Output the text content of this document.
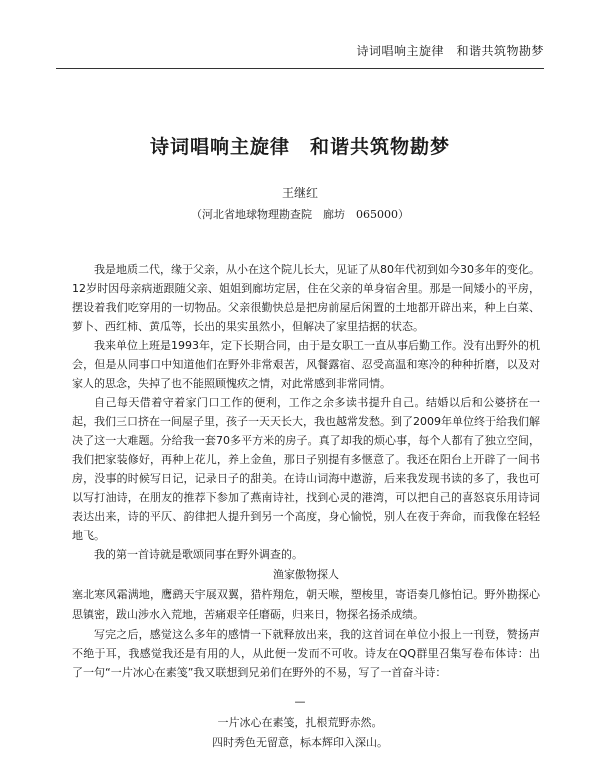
诗词唱响主旋律　和谐共筑物勘梦
诗词唱响主旋律　和谐共筑物勘梦
王继红
（河北省地球物理勘查院　廊坊　065000）

我是地质二代，缘于父亲，从小在这个院儿长大，见证了从80年代初到如今30多年的变化。12岁时因母亲病逝跟随父亲、姐姐到廊坊定居，住在父亲的单身宿舍里。那是一间矮小的平房，摆设着我们吃穿用的一切物品。父亲很勤快总是把房前屋后闲置的土地都开辟出来，种上白菜、萝卜、西红柿、黄瓜等，长出的果实虽然小，但解决了家里拮据的状态。

我来单位上班是1993年，定下长期合同，由于是女职工一直从事后勤工作。没有出野外的机会，但是从同事口中知道他们在野外非常艰苦，风餐露宿、忍受高温和寒冷的种种折磨，以及对家人的思念，失掉了也不能照顾愧疚之情，对此常感到非常同情。

自己每天借着守着家门口工作的便利，工作之余多读书提升自己。结婚以后和公婆挤在一起，我们三口挤在一间屋子里，孩子一天天长大，我也越常发愁。到了2009年单位终于给我们解决了这一大难题。分给我一套70多平方米的房子。真了却我的烦心事，每个人都有了独立空间，我们把家装修好，再种上花儿，养上金鱼，那日子别提有多惬意了。我还在阳台上开辟了一间书房，没事的时候写日记，记录日子的甜美。在诗山词海中遨游，后来我发现书读的多了，我也可以写打油诗，在朋友的推荐下参加了燕南诗社，找到心灵的港湾，可以把自己的喜怒哀乐用诗词表达出来，诗的平仄、韵律把人提升到另一个高度，身心愉悦，别人在夜于奔命，而我像在轻轻地飞。

我的第一首诗就是歌颂同事在野外调查的。

渔家傲物探人

塞北寒风霜满地，鹰鹞天宇展双翼，猎杵翔危，朝天喉，塑梭里，寄语奏几修怕记。野外勘探心思镇密，跋山涉水入荒地，苦痛艰辛任磨砺，归来日，物探名扬杀成绩。

写完之后，感觉这么多年的感情一下就释放出来，我的这首词在单位小报上一刊登，赞扬声不绝于耳，我感觉我还是有用的人，从此便一发而不可收。诗友在QQ群里召集写卷布体诗：出了一句“一片冰心在素笺”我又联想到兄弟们在野外的不易，写了一首奋斗诗：

—
一片冰心在素笺，扎根荒野赤然。
四时秀色无留意，标本辉印入深山。
